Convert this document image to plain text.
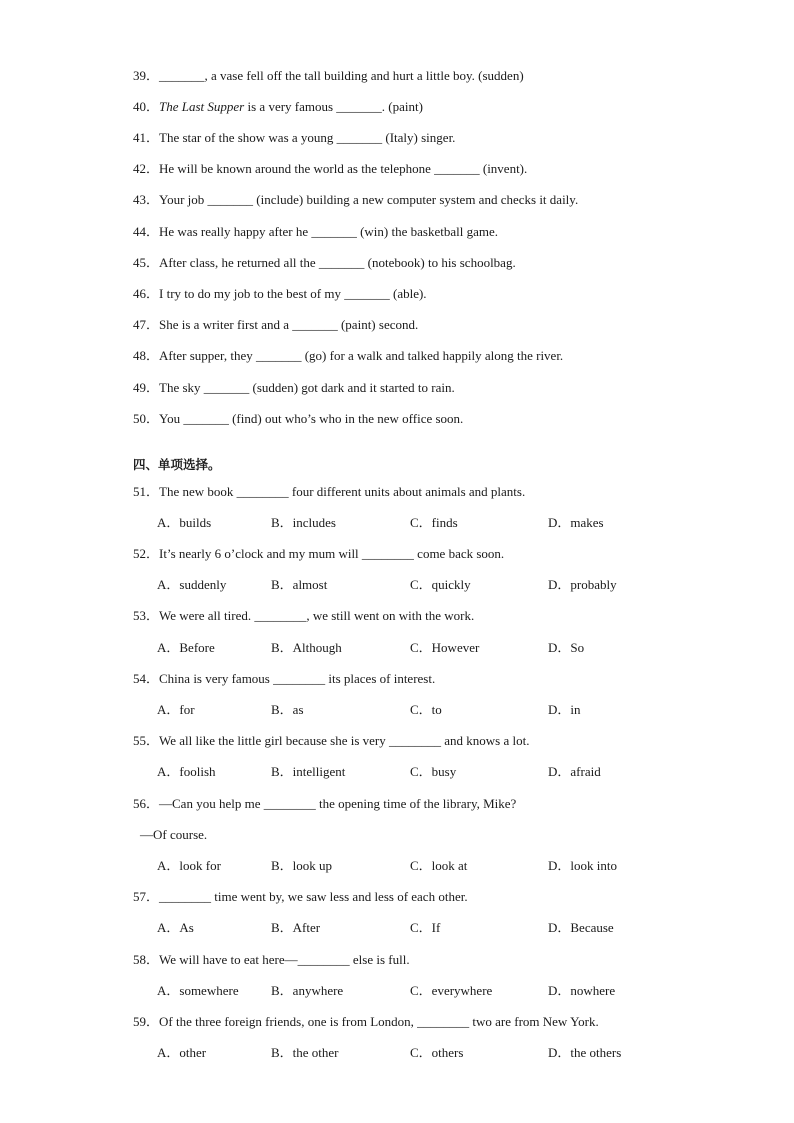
39．_______, a vase fell off the tall building and hurt a little boy. (sudden)
40．The Last Supper is a very famous _______. (paint)
41．The star of the show was a young _______ (Italy) singer.
42．He will be known around the world as the telephone _______ (invent).
43．Your job _______ (include) building a new computer system and checks it daily.
44．He was really happy after he _______ (win) the basketball game.
45．After class, he returned all the _______ (notebook) to his schoolbag.
46．I try to do my job to the best of my _______ (able).
47．She is a writer first and a _______ (paint) second.
48．After supper, they _______ (go) for a walk and talked happily along the river.
49．The sky _______ (sudden) got dark and it started to rain.
50．You _______ (find) out who’s who in the new office soon.
四、单项选择。
51．The new book ________ four different units about animals and plants.
A．builds	B．includes	C．finds	D．makes
52．It’s nearly 6 o’clock and my mum will ________ come back soon.
A．suddenly	B．almost	C．quickly	D．probably
53．We were all tired. ________, we still went on with the work.
A．Before	B．Although	C．However	D．So
54．China is very famous ________ its places of interest.
A．for	B．as	C．to	D．in
55．We all like the little girl because she is very ________ and knows a lot.
A．foolish	B．intelligent	C．busy	D．afraid
56．—Can you help me ________ the opening time of the library, Mike?
—Of course.
A．look for	B．look up	C．look at	D．look into
57．________ time went by, we saw less and less of each other.
A．As	B．After	C．If	D．Because
58．We will have to eat here—________ else is full.
A．somewhere B．anywhere	C．everywhere	D．nowhere
59．Of the three foreign friends, one is from London, ________ two are from New York.
A．other	B．the other	C．others	D．the others
